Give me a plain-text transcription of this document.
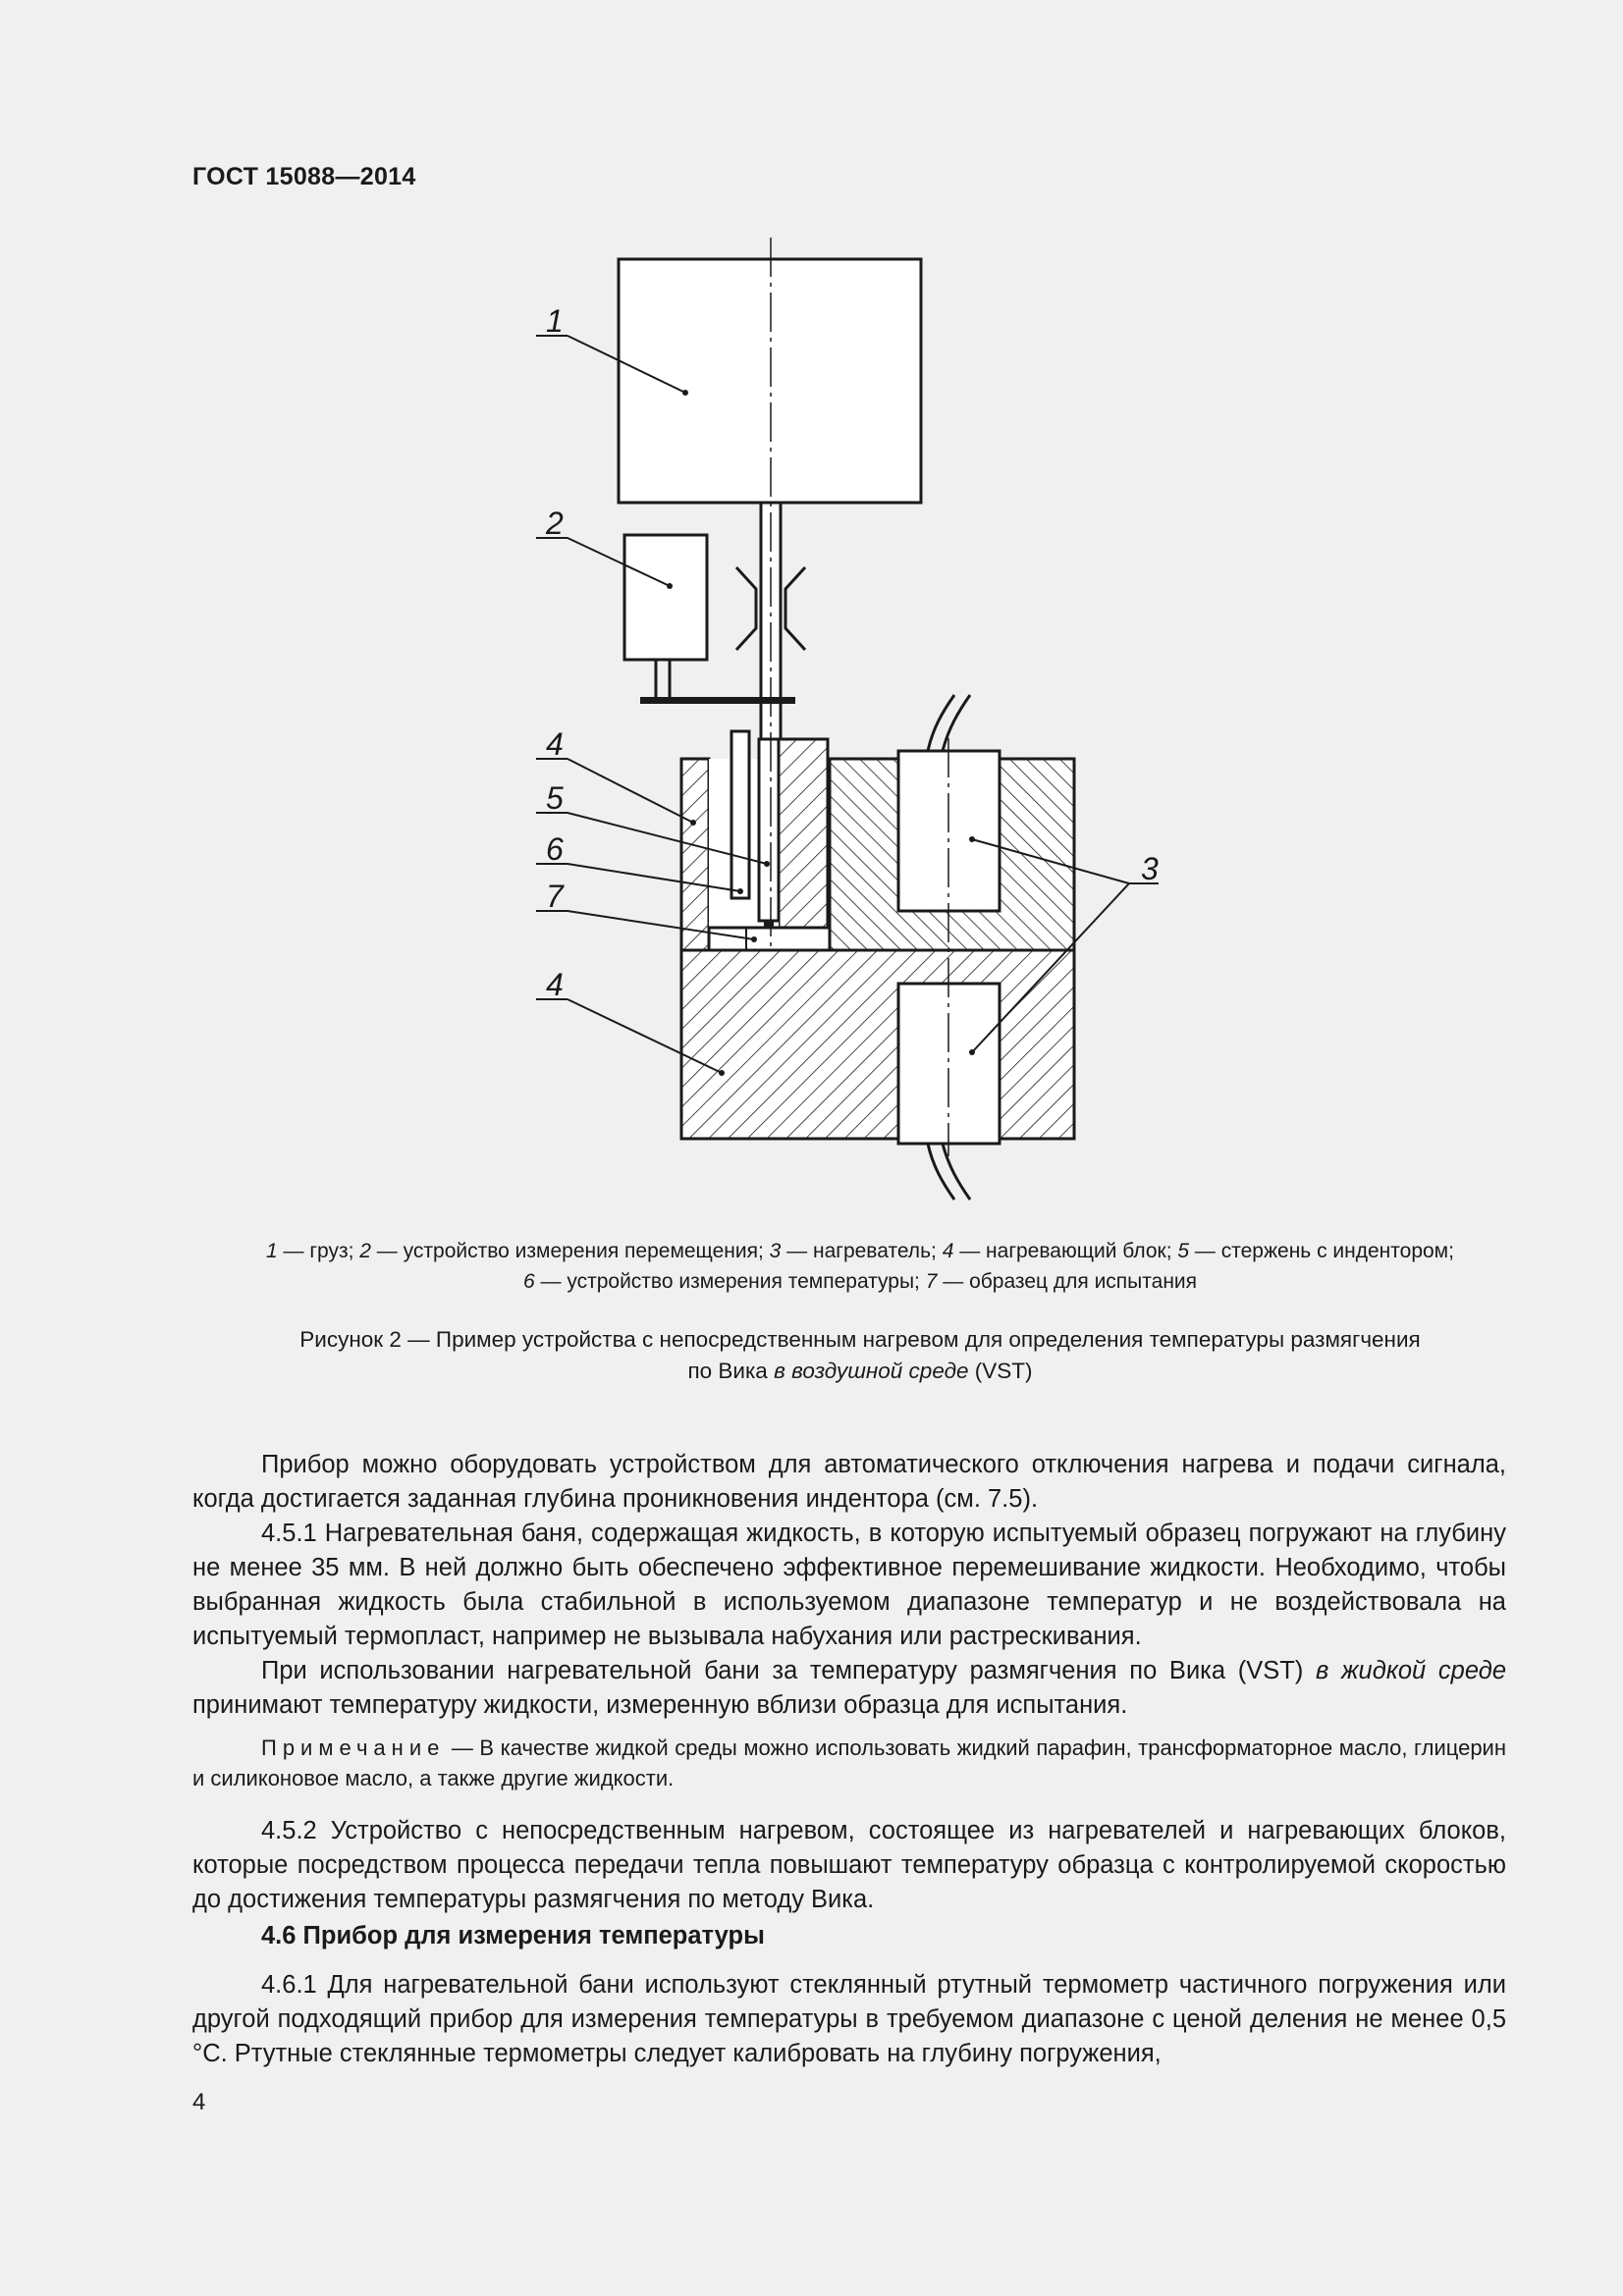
ГОСТ 15088—2014
1
2
4
5
6
7
4
3
1 — груз; 2 — устройство измерения перемещения; 3 — нагреватель; 4 — нагревающий блок; 5 — стержень с индентором;
6 — устройство измерения температуры; 7 — образец для испытания
Рисунок 2 — Пример устройства с непосредственным нагревом для определения температуры размягчения
по Вика в воздушной среде (VST)
Прибор можно оборудовать устройством для автоматического отключения нагрева и подачи сигнала, когда достигается заданная глубина проникновения индентора (см. 7.5).
4.5.1 Нагревательная баня, содержащая жидкость, в которую испытуемый образец погружают на глубину не менее 35 мм. В ней должно быть обеспечено эффективное перемешивание жидкости. Необходимо, чтобы выбранная жидкость была стабильной в используемом диапазоне температур и не воздействовала на испытуемый термопласт, например не вызывала набухания или растрескивания.
При использовании нагревательной бани за температуру размягчения по Вика (VST) в жидкой среде принимают температуру жидкости, измеренную вблизи образца для испытания.
Примечание — В качестве жидкой среды можно использовать жидкий парафин, трансформаторное масло, глицерин и силиконовое масло, а также другие жидкости.
4.5.2 Устройство с непосредственным нагревом, состоящее из нагревателей и нагревающих блоков, которые посредством процесса передачи тепла повышают температуру образца с контролируемой скоростью до достижения температуры размягчения по методу Вика.
4.6 Прибор для измерения температуры
4.6.1 Для нагревательной бани используют стеклянный ртутный термометр частичного погружения или другой подходящий прибор для измерения температуры в требуемом диапазоне с ценой деления не менее 0,5 °С. Ртутные стеклянные термометры следует калибровать на глубину погружения,
4
